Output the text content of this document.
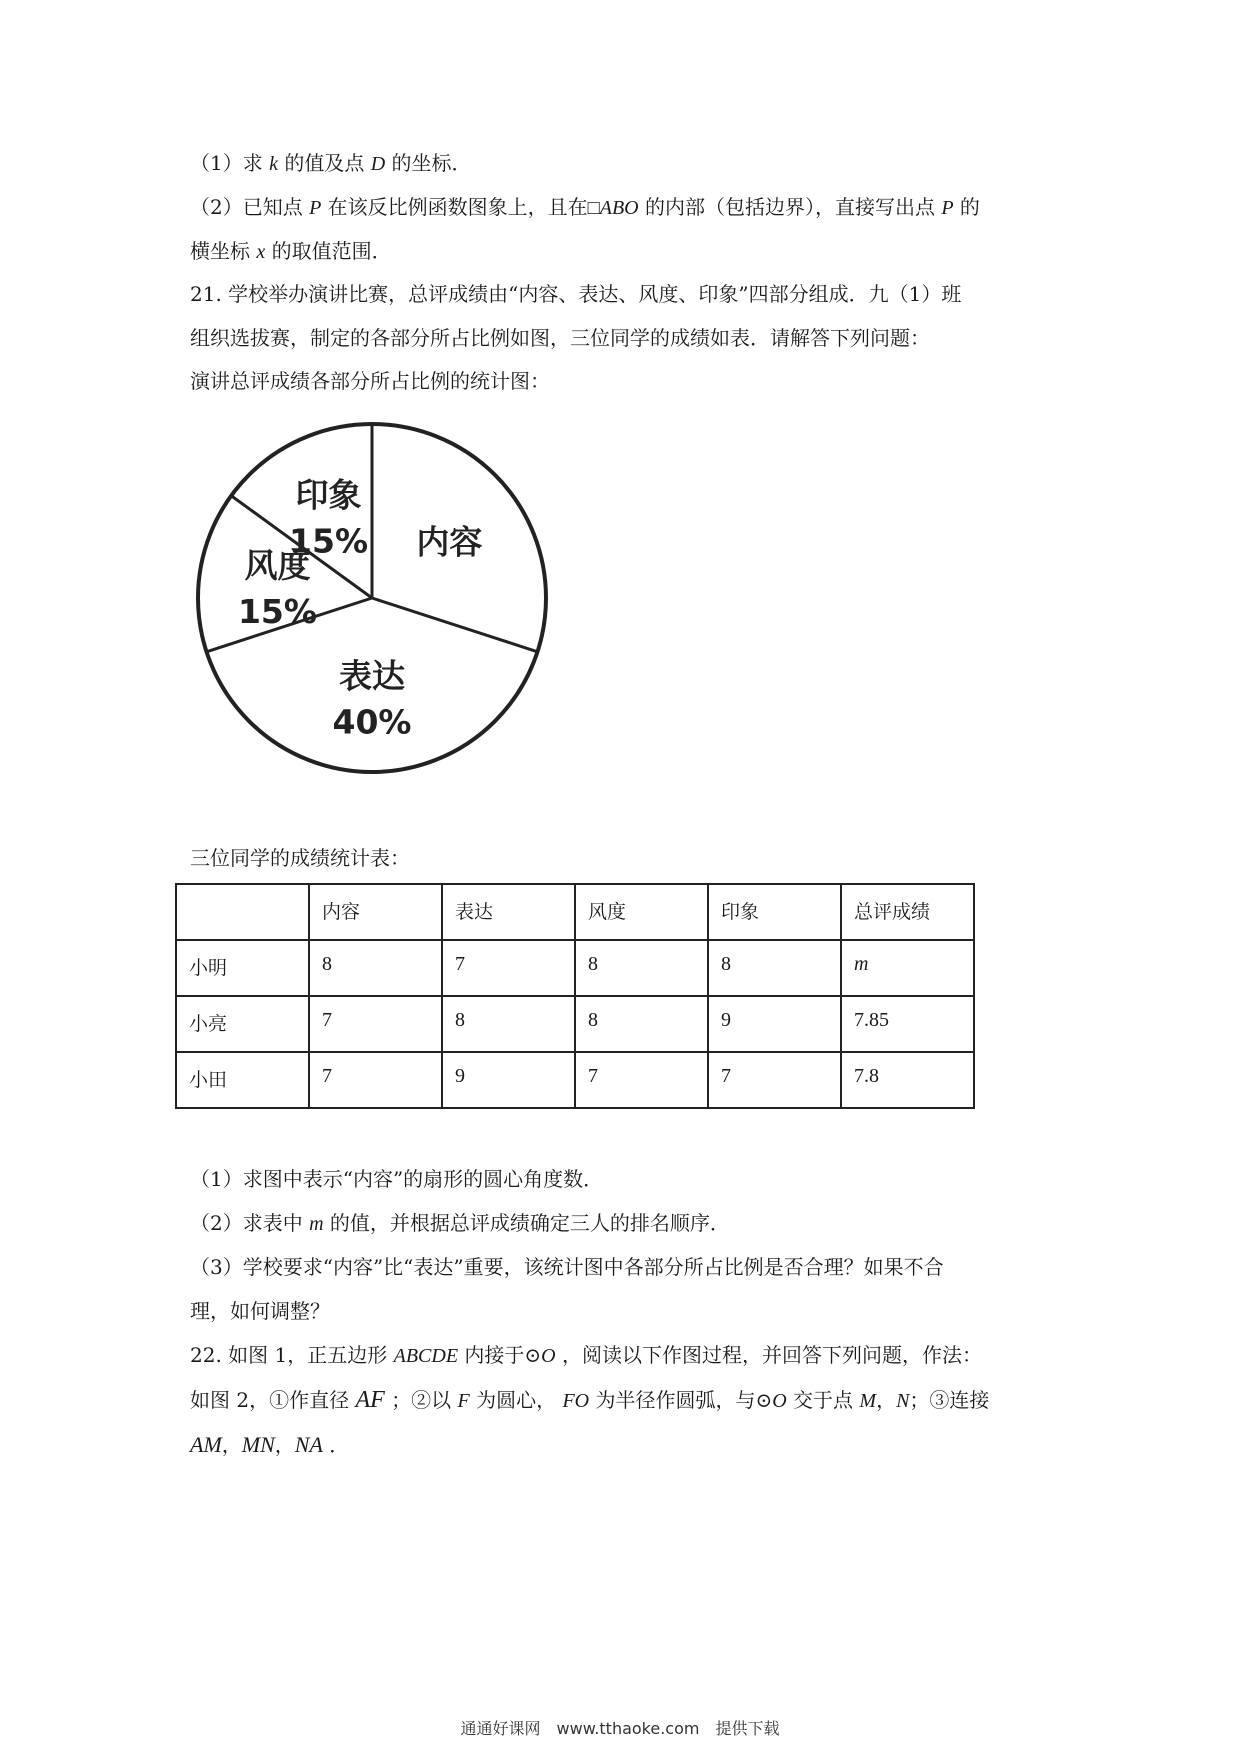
（1）求 k 的值及点 D 的坐标．
（2）已知点 P 在该反比例函数图象上，且在□ABO 的内部（包括边界），直接写出点 P 的
横坐标 x 的取值范围．
21. 学校举办演讲比赛，总评成绩由“内容、表达、风度、印象”四部分组成．九（1）班
组织选拔赛，制定的各部分所占比例如图，三位同学的成绩如表．请解答下列问题：
演讲总评成绩各部分所占比例的统计图：
内容
表达
40%
风度
15%
印象
15%
三位同学的成绩统计表：
	内容	表达	风度	印象	总评成绩
小明	8	7	8	8	m
小亮	7	8	8	9	7.85
小田	7	9	7	7	7.8
（1）求图中表示“内容”的扇形的圆心角度数．
（2）求表中 m 的值，并根据总评成绩确定三人的排名顺序．
（3）学校要求“内容”比“表达”重要，该统计图中各部分所占比例是否合理？如果不合
理，如何调整？
22. 如图 1，正五边形 ABCDE 内接于⊙O ，阅读以下作图过程，并回答下列问题，作法：
如图 2，①作直径 AF ；②以 F 为圆心， FO 为半径作圆弧，与⊙O 交于点 M，N；③连接
AM，MN，NA ．
通通好课网　www.tthaoke.com　提供下载
